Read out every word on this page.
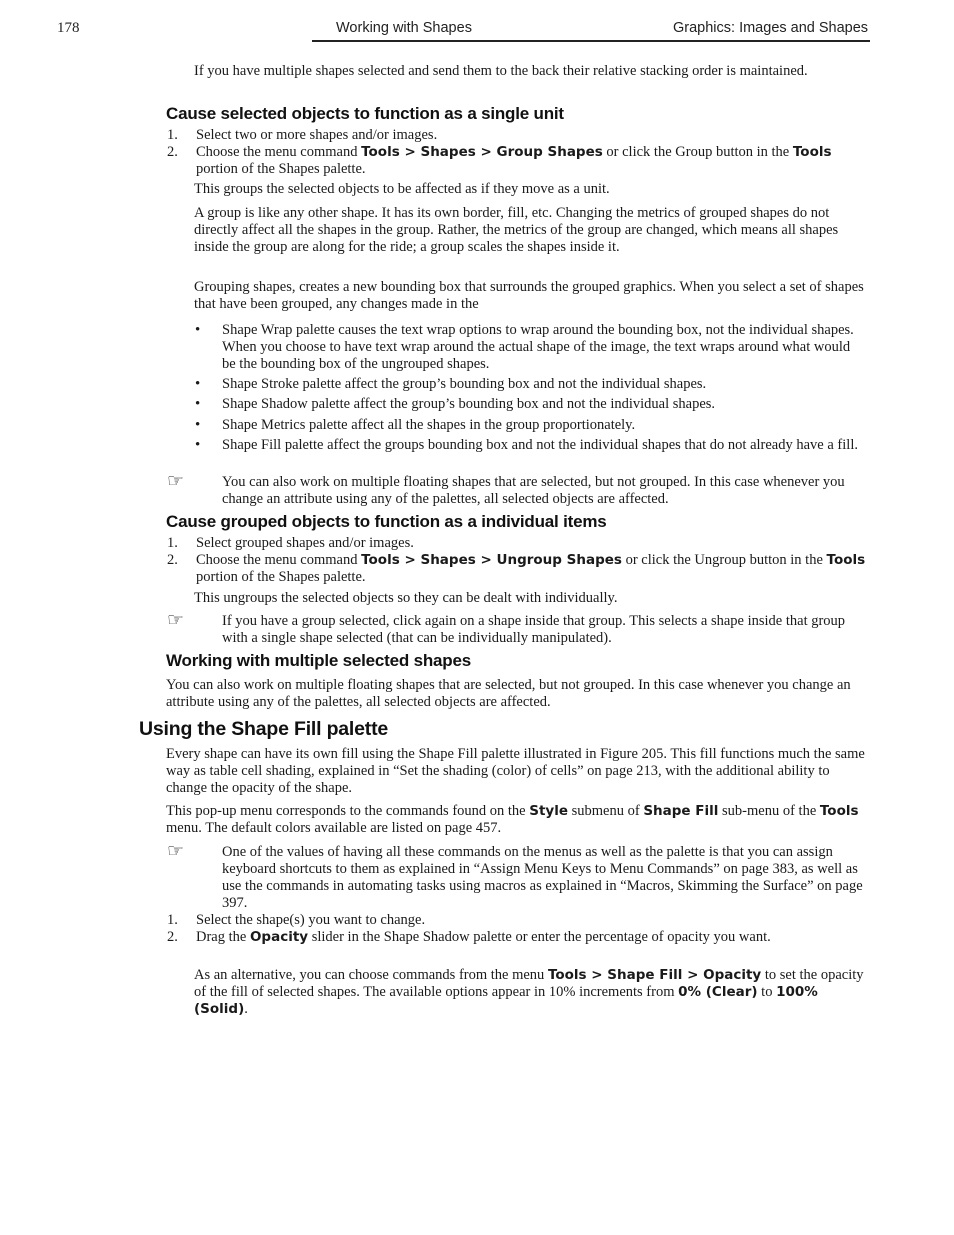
178	Working with Shapes	Graphics: Images and Shapes

If you have multiple shapes selected and send them to the back their relative stacking order is maintained.

Cause selected objects to function as a single unit
1. Select two or more shapes and/or images.

2. Choose the menu command Tools > Shapes > Group Shapes or click the Group button in the Tools portion of the Shapes palette.

This groups the selected objects to be affected as if they move as a unit.

A group is like any other shape. It has its own border, fill, etc. Changing the metrics of grouped shapes do not directly affect all the shapes in the group. Rather, the metrics of the group are changed, which means all shapes inside the group are along for the ride; a group scales the shapes inside it.

Grouping shapes, creates a new bounding box that surrounds the grouped graphics. When you select a set of shapes that have been grouped, any changes made in the

• Shape Wrap palette causes the text wrap options to wrap around the bounding box, not the individual shapes. When you choose to have text wrap around the actual shape of the image, the text wraps around what would be the bounding box of the ungrouped shapes.

• Shape Stroke palette affect the group’s bounding box and not the individual shapes.

• Shape Shadow palette affect the group’s bounding box and not the individual shapes.

• Shape Metrics palette affect all the shapes in the group proportionately.

• Shape Fill palette affect the groups bounding box and not the individual shapes that do not already have a fill.

☞	You can also work on multiple floating shapes that are selected, but not grouped. In this case whenever you change an attribute using any of the palettes, all selected objects are affected.

Cause grouped objects to function as a individual items
1. Select grouped shapes and/or images.

2. Choose the menu command Tools > Shapes > Ungroup Shapes or click the Ungroup button in the Tools portion of the Shapes palette.

This ungroups the selected objects so they can be dealt with individually.

☞	If you have a group selected, click again on a shape inside that group. This selects a shape inside that group with a single shape selected (that can be individually manipulated).

Working with multiple selected shapes

You can also work on multiple floating shapes that are selected, but not grouped. In this case whenever you change an attribute using any of the palettes, all selected objects are affected.

Using the Shape Fill palette

Every shape can have its own fill using the Shape Fill palette illustrated in Figure 205. This fill functions much the same way as table cell shading, explained in “Set the shading (color) of cells” on page 213, with the additional ability to change the opacity of the shape.

This pop-up menu corresponds to the commands found on the Style submenu of Shape Fill sub-menu of the Tools menu. The default colors available are listed on page 457.

☞	One of the values of having all these commands on the menus as well as the palette is that you can assign keyboard shortcuts to them as explained in “Assign Menu Keys to Menu Commands” on page 383, as well as use the commands in automating tasks using macros as explained in “Macros, Skimming the Surface” on page 397.

1. Select the shape(s) you want to change.

2. Drag the Opacity slider in the Shape Shadow palette or enter the percentage of opacity you want.

As an alternative, you can choose commands from the menu Tools > Shape Fill > Opacity to set the opacity of the fill of selected shapes. The available options appear in 10% increments from 0% (Clear) to 100% (Solid).
